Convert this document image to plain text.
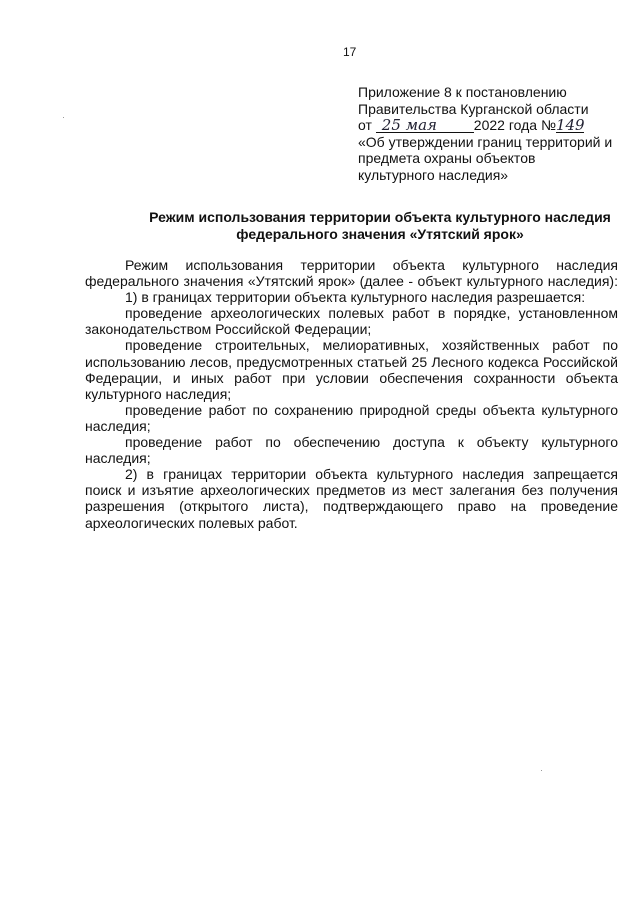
17
Приложение 8 к постановлению
Правительства Курганской области
от 25 мая	2022 года №149
«Об утверждении границ территорий и
предмета охраны объектов
культурного наследия»
Режим использования территории объекта культурного наследия
федерального значения «Утятский ярок»
Режим использования территории объекта культурного наследия
федерального значения «Утятский ярок» (далее - объект культурного наследия):
1) в границах территории объекта культурного наследия разрешается:
проведение археологических полевых работ в порядке, установленном
законодательством Российской Федерации;
проведение строительных, мелиоративных, хозяйственных работ по
использованию лесов, предусмотренных статьей 25 Лесного кодекса Российской
Федерации, и иных работ при условии обеспечения сохранности объекта
культурного наследия;
проведение работ по сохранению природной среды объекта культурного
наследия;
проведение работ по обеспечению доступа к объекту культурного
наследия;
2) в границах территории объекта культурного наследия запрещается
поиск и изъятие археологических предметов из мест залегания без получения
разрешения (открытого листа), подтверждающего право на проведение
археологических полевых работ.
